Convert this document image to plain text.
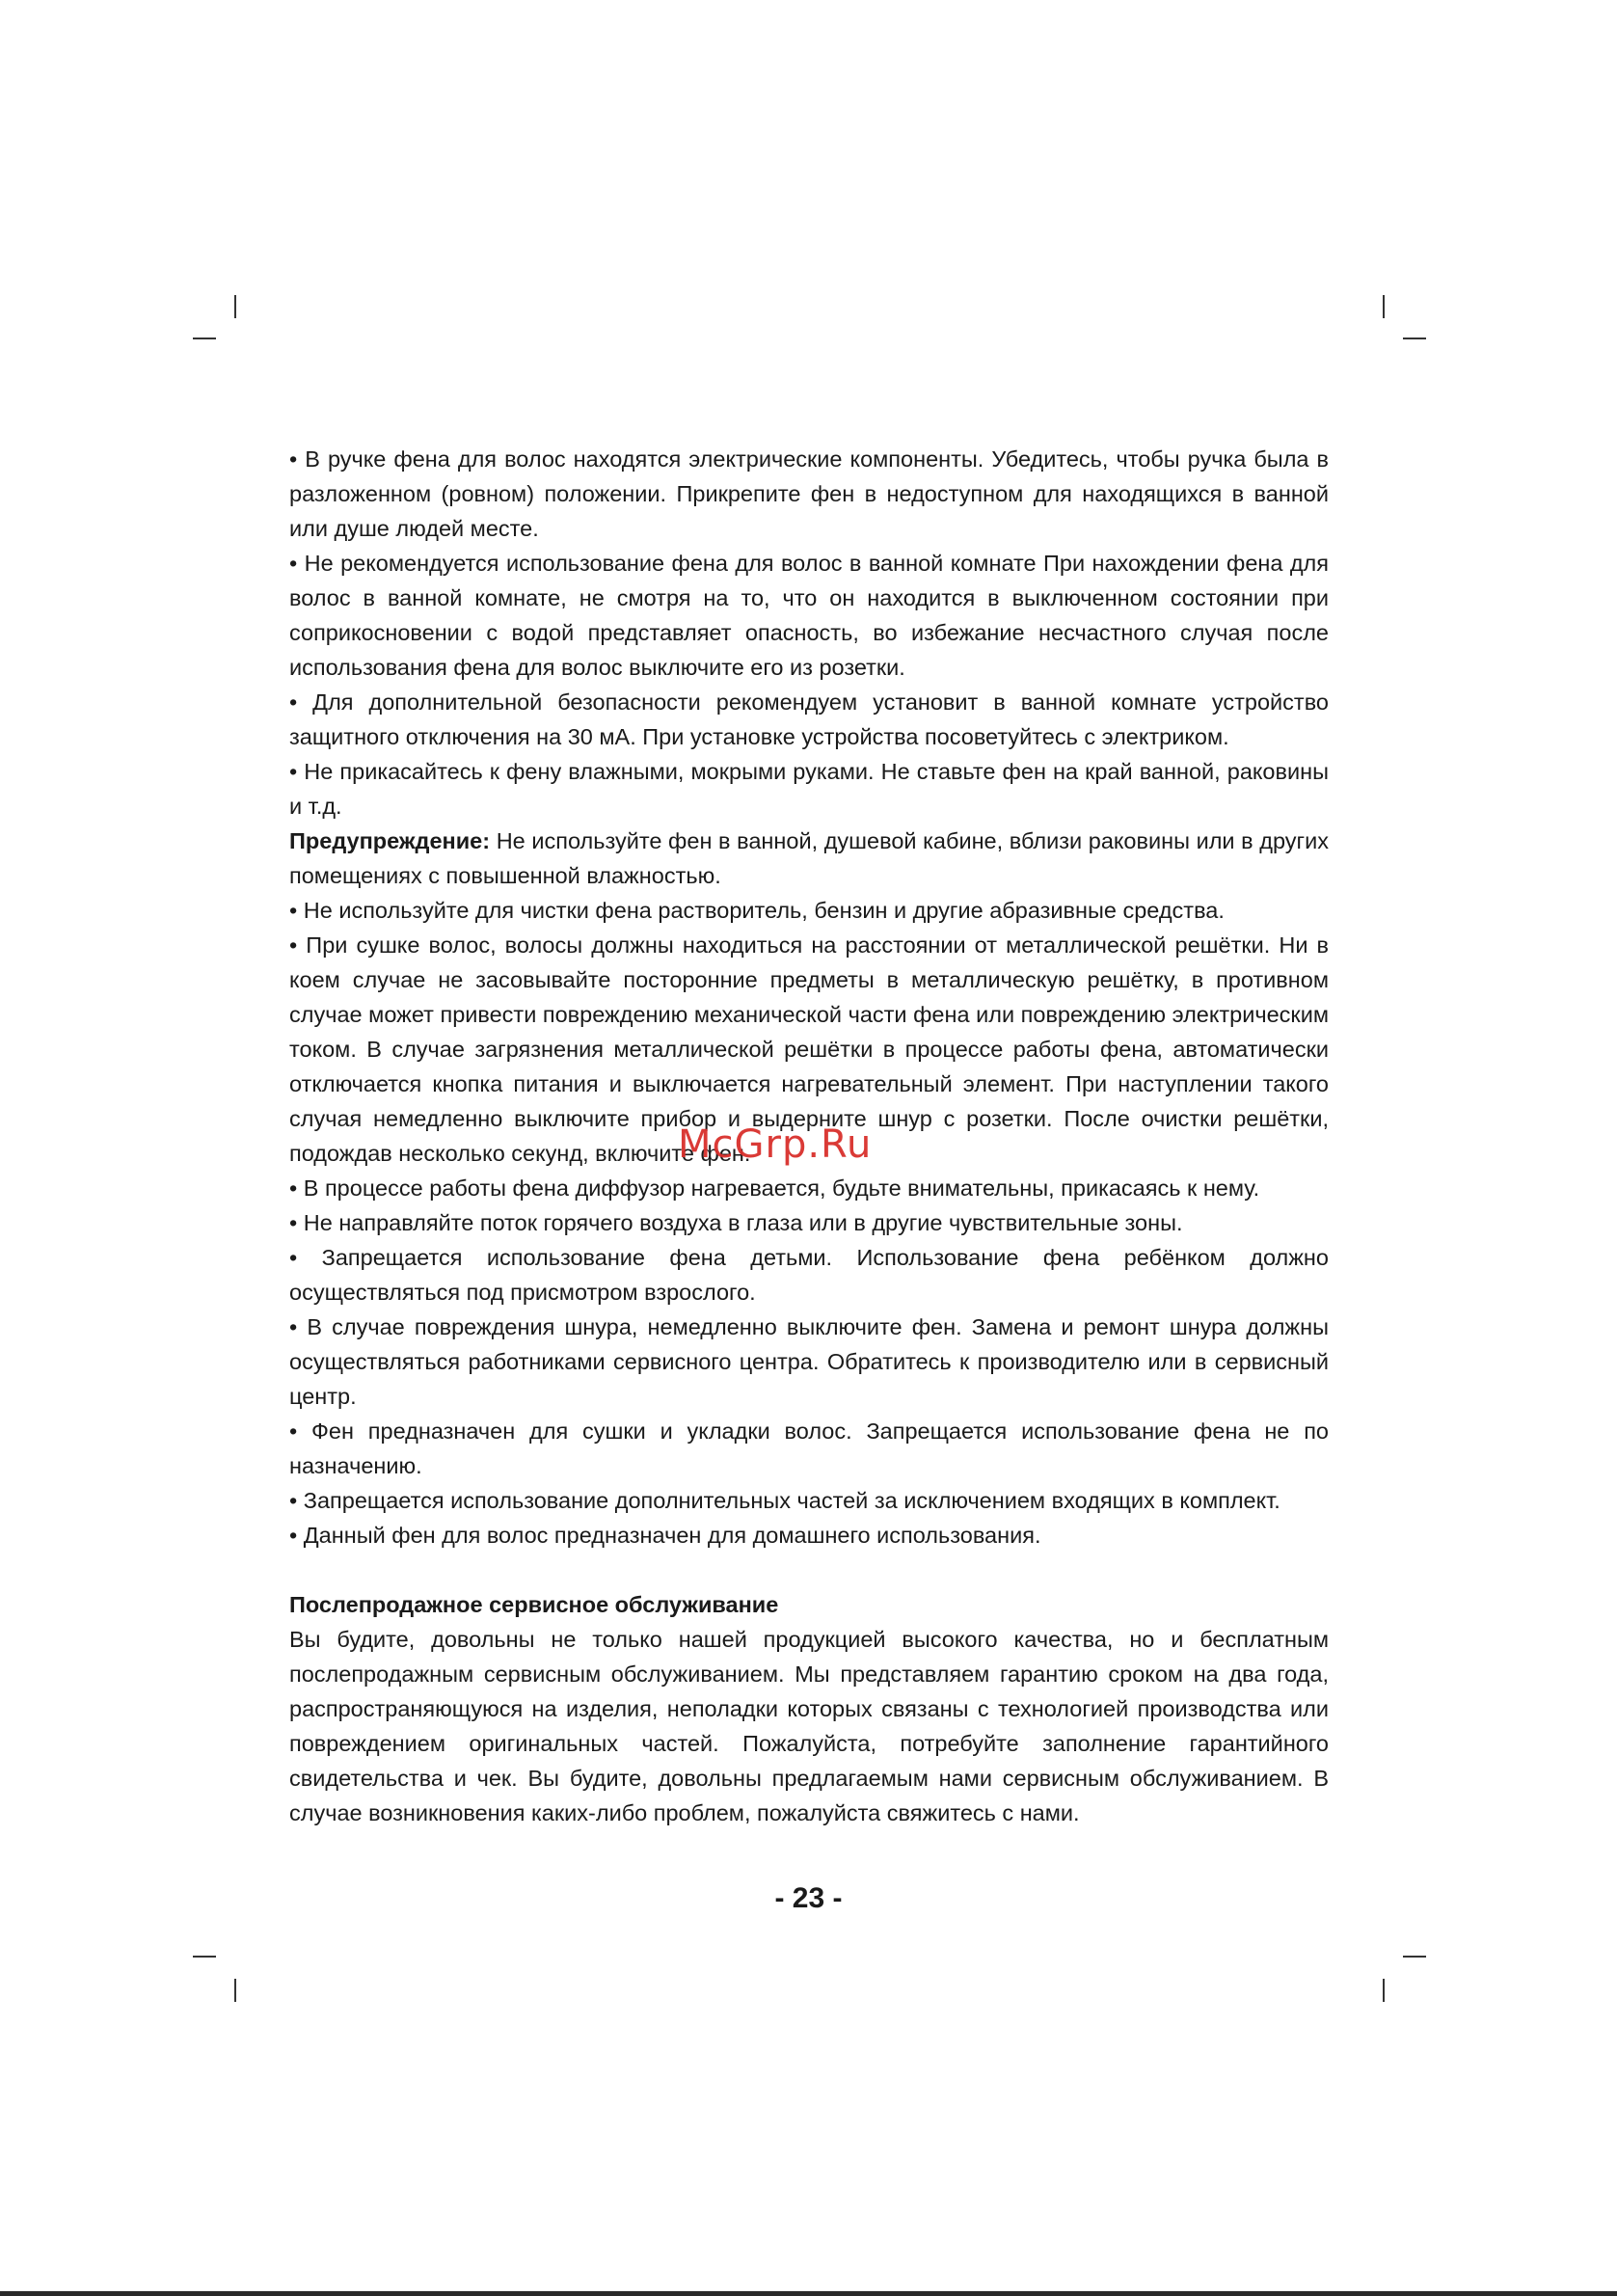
• В ручке фена для волос находятся электрические компоненты. Убедитесь, чтобы ручка была в разложенном (ровном) положении. Прикрепите фен в недоступном для находящихся в ванной или душе людей месте.

• Не рекомендуется использование фена для волос в ванной комнате При нахождении фена для волос в ванной комнате, не смотря на то, что он находится в выключенном состоянии при соприкосновении с водой представляет опасность, во избежание несчастного случая после использования фена для волос выключите его из розетки.

• Для дополнительной безопасности рекомендуем установит в ванной комнате устройство защитного отключения на 30 мА. При установке устройства посоветуйтесь с электриком.

• Не прикасайтесь к фену влажными, мокрыми руками. Не ставьте фен на край ванной, раковины и т.д.

Предупреждение: Не используйте фен в ванной, душевой кабине, вблизи раковины или в других помещениях с повышенной влажностью.

• Не используйте для чистки фена растворитель, бензин и другие абразивные средства.

• При сушке волос, волосы должны находиться на расстоянии от металлической решётки. Ни в коем случае не засовывайте посторонние предметы в металлическую решётку, в противном случае может привести повреждению механической части фена или повреждению электрическим током. В случае загрязнения металлической решётки в процессе работы фена, автоматически отключается кнопка питания и выключается нагревательный элемент. При наступлении такого случая немедленно выключите прибор и выдерните шнур с розетки. После очистки решётки, подождав несколько секунд, включите фен.

• В процессе работы фена диффузор нагревается, будьте внимательны, прикасаясь к нему.

• Не направляйте поток горячего воздуха в глаза или в другие чувствительные зоны.

• Запрещается использование фена детьми. Использование фена ребёнком должно осуществляться под присмотром взрослого.

• В случае повреждения шнура, немедленно выключите фен. Замена и ремонт шнура должны осуществляться работниками сервисного центра. Обратитесь к производителю или в сервисный центр.

• Фен предназначен для сушки и укладки волос. Запрещается использование фена не по назначению.

• Запрещается использование дополнительных частей за исключением входящих в комплект.

• Данный фен для волос предназначен для домашнего использования.

Послепродажное сервисное обслуживание

Вы будите, довольны не только нашей продукцией высокого качества, но и бесплатным послепродажным сервисным обслуживанием. Мы представляем гарантию сроком на два года, распространяющуюся на изделия, неполадки которых связаны с технологией производства или повреждением оригинальных частей. Пожалуйста, потребуйте заполнение гарантийного свидетельства и чек. Вы будите, довольны предлагаемым нами сервисным обслуживанием. В случае возникновения каких-либо проблем, пожалуйста свяжитесь с нами.

McGrp.Ru
- 23 -
